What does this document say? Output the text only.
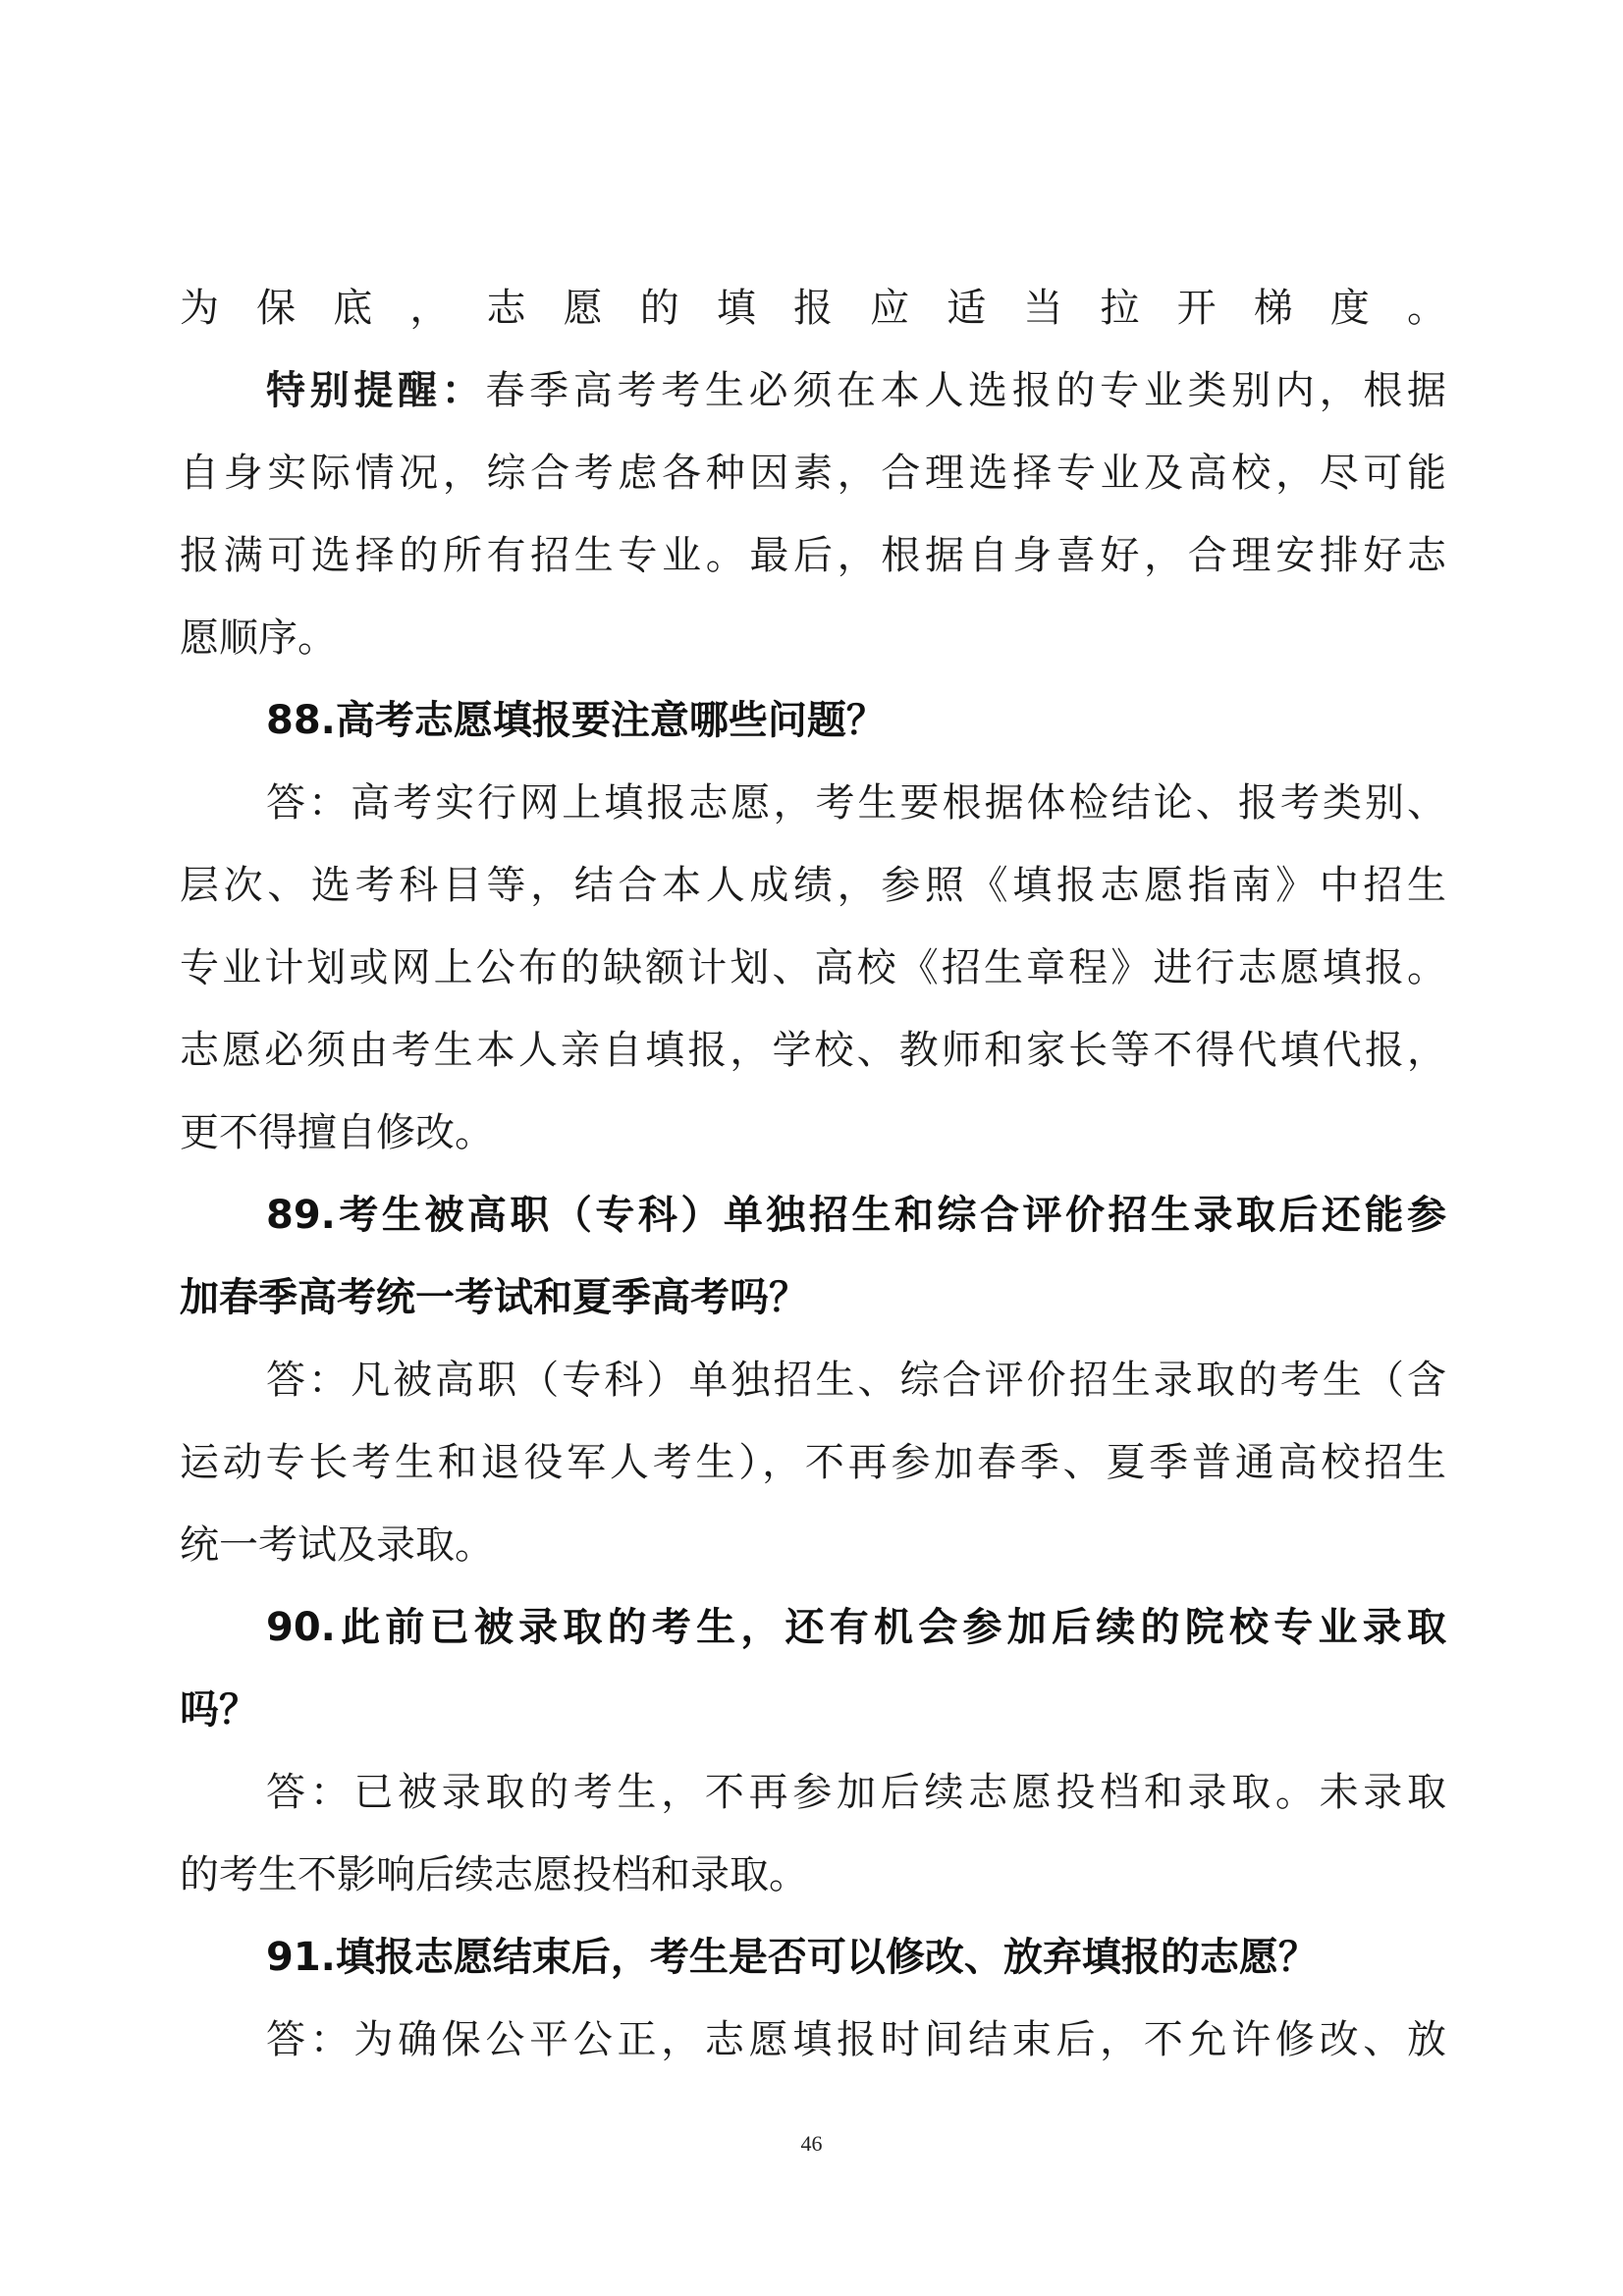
为保底，志愿的填报应适当拉开梯度。
特别提醒：春季高考考生必须在本人选报的专业类别内，根据
自身实际情况，综合考虑各种因素，合理选择专业及高校，尽可能
报满可选择的所有招生专业。最后，根据自身喜好，合理安排好志
愿顺序。
88.高考志愿填报要注意哪些问题？
答：高考实行网上填报志愿，考生要根据体检结论、报考类别、
层次、选考科目等，结合本人成绩，参照《填报志愿指南》中招生
专业计划或网上公布的缺额计划、高校《招生章程》进行志愿填报。
志愿必须由考生本人亲自填报，学校、教师和家长等不得代填代报，
更不得擅自修改。
89.考生被高职（专科）单独招生和综合评价招生录取后还能参
加春季高考统一考试和夏季高考吗？
答：凡被高职（专科）单独招生、综合评价招生录取的考生（含
运动专长考生和退役军人考生），不再参加春季、夏季普通高校招生
统一考试及录取。
90.此前已被录取的考生，还有机会参加后续的院校专业录取
吗？
答：已被录取的考生，不再参加后续志愿投档和录取。未录取
的考生不影响后续志愿投档和录取。
91.填报志愿结束后，考生是否可以修改、放弃填报的志愿？
答：为确保公平公正，志愿填报时间结束后，不允许修改、放
46
